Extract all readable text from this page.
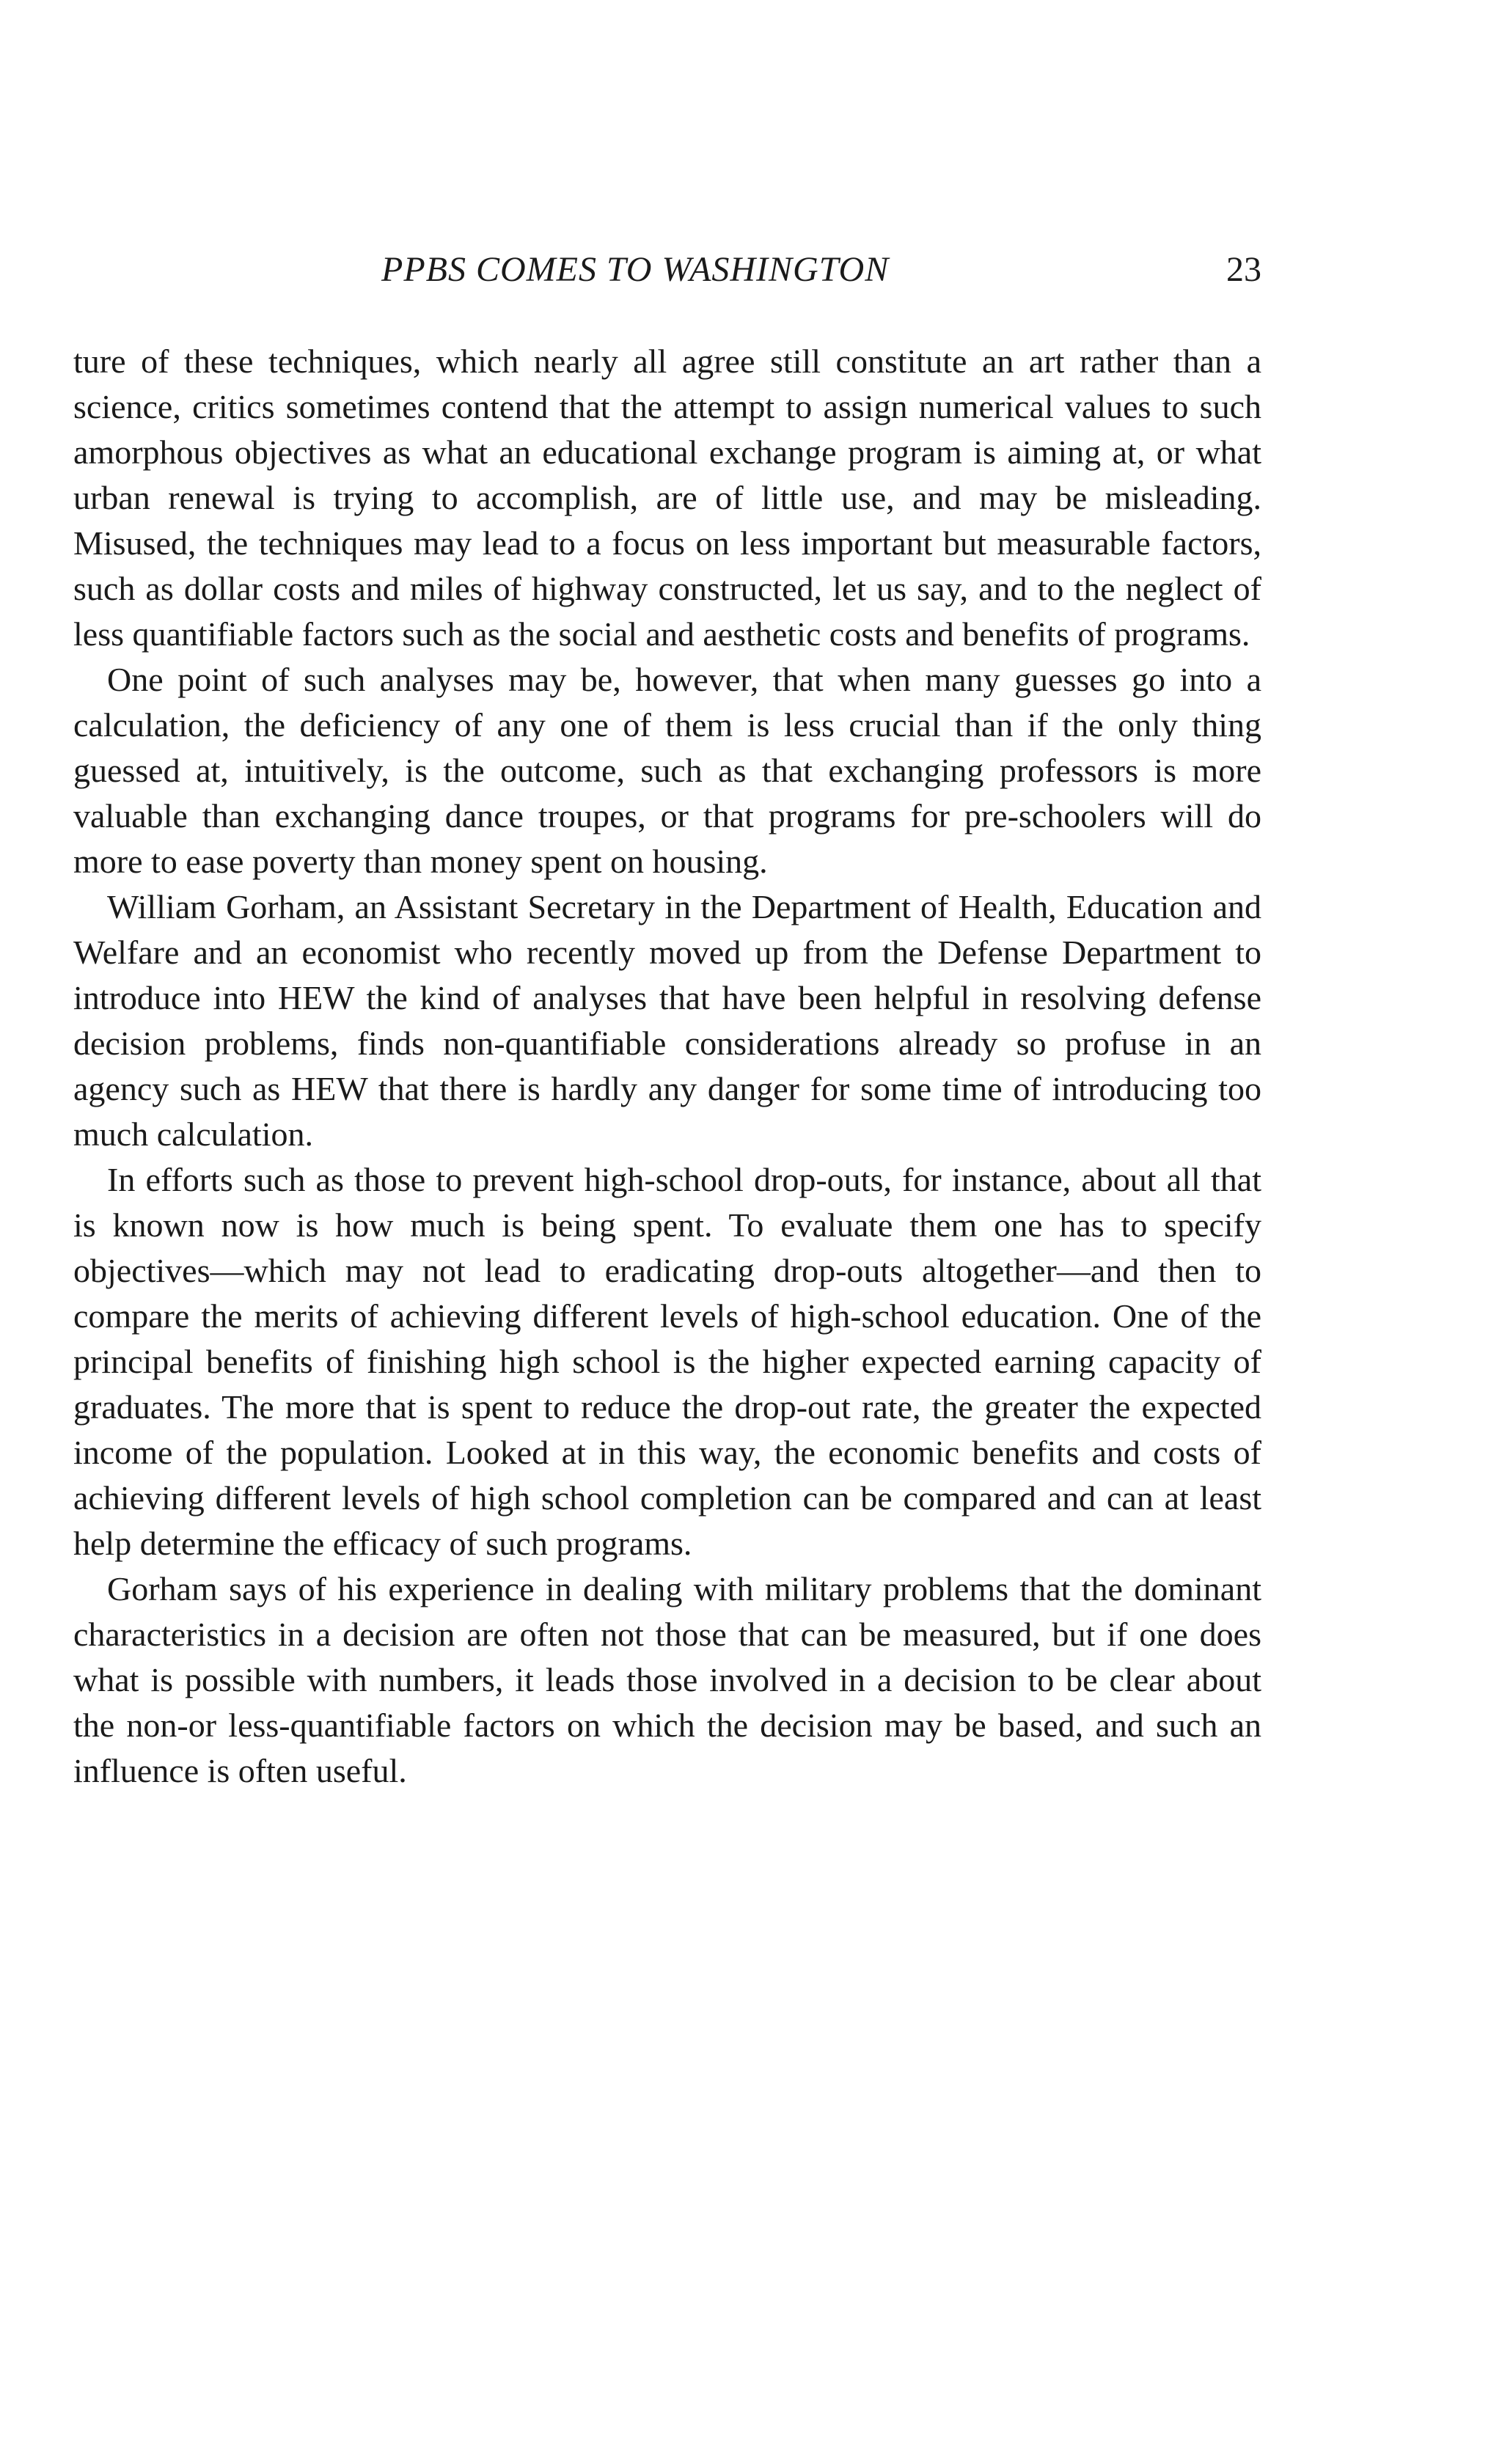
PPBS COMES TO WASHINGTON	23

ture of these techniques, which nearly all agree still constitute an art rather than a science, critics sometimes contend that the attempt to assign numerical values to such amorphous objectives as what an educational exchange program is aiming at, or what urban renewal is trying to accomplish, are of little use, and may be misleading. Misused, the techniques may lead to a focus on less important but measurable factors, such as dollar costs and miles of highway constructed, let us say, and to the neglect of less quantifiable factors such as the social and aesthetic costs and benefits of programs.

One point of such analyses may be, however, that when many guesses go into a calculation, the deficiency of any one of them is less crucial than if the only thing guessed at, intuitively, is the outcome, such as that exchanging professors is more valuable than exchanging dance troupes, or that programs for pre-schoolers will do more to ease poverty than money spent on housing.

William Gorham, an Assistant Secretary in the Department of Health, Education and Welfare and an economist who recently moved up from the Defense Department to introduce into HEW the kind of analyses that have been helpful in resolving defense decision problems, finds non-quantifiable considerations already so profuse in an agency such as HEW that there is hardly any danger for some time of introducing too much calculation.

In efforts such as those to prevent high-school drop-outs, for instance, about all that is known now is how much is being spent. To evaluate them one has to specify objectives—which may not lead to eradicating drop-outs altogether—and then to compare the merits of achieving different levels of high-school education. One of the principal benefits of finishing high school is the higher expected earning capacity of graduates. The more that is spent to reduce the drop-out rate, the greater the expected income of the population. Looked at in this way, the economic benefits and costs of achieving different levels of high school completion can be compared and can at least help determine the efficacy of such programs.

Gorham says of his experience in dealing with military problems that the dominant characteristics in a decision are often not those that can be measured, but if one does what is possible with numbers, it leads those involved in a decision to be clear about the non-or less-quantifiable factors on which the decision may be based, and such an influence is often useful.
